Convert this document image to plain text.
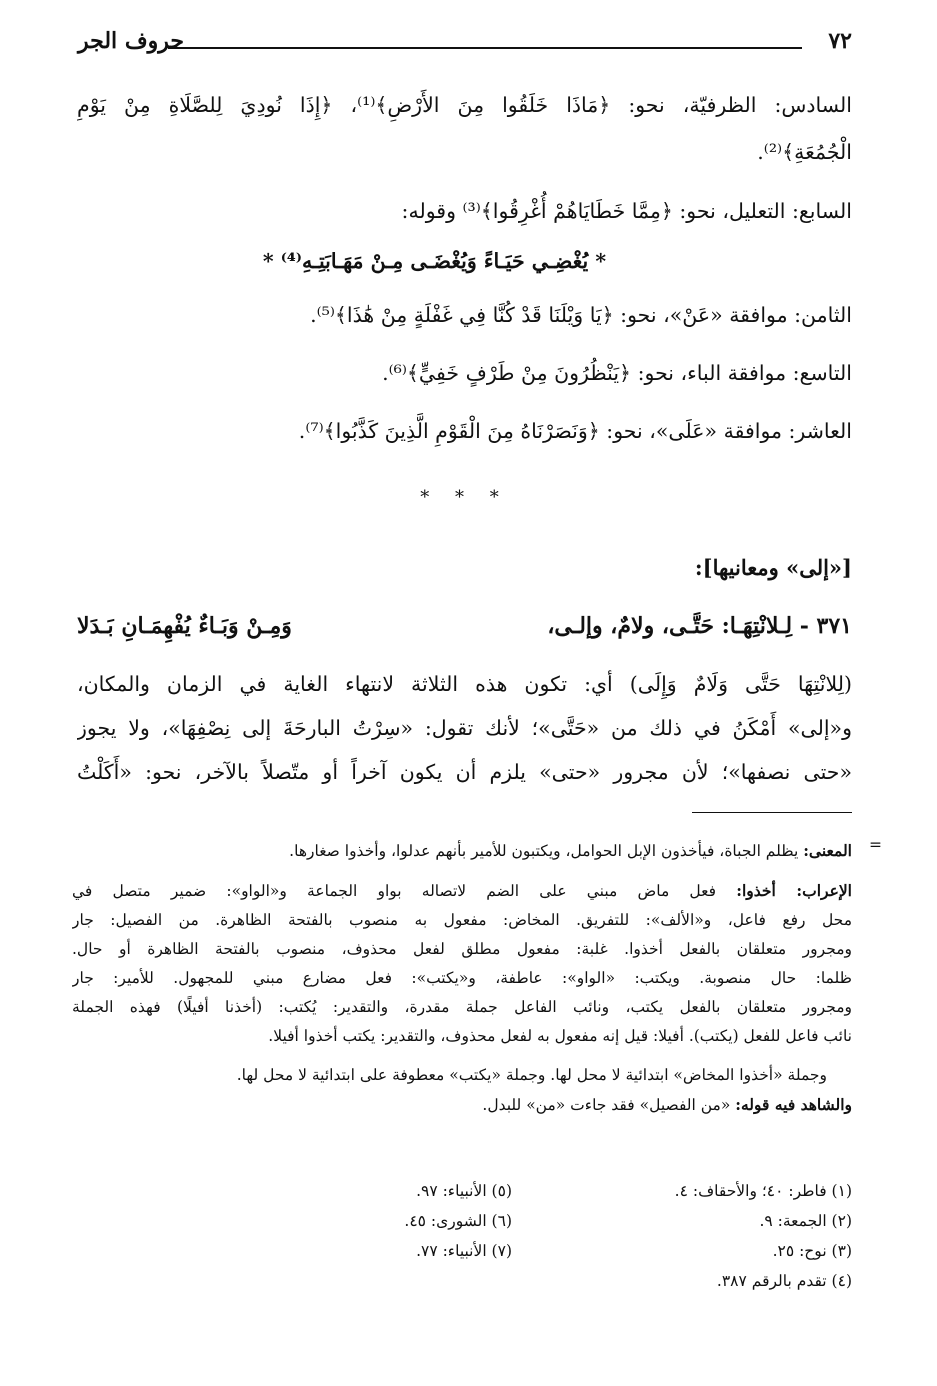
٧٢
حروف الجر
السادس: الظرفيّة، نحو: ﴿مَاذَا خَلَقُوا مِنَ الأَرْضِ﴾⁽¹⁾، ﴿إِذَا نُودِيَ لِلصَّلَاةِ مِنْ يَوْمِ
الْجُمُعَةِ﴾⁽²⁾.
السابع: التعليل، نحو: ﴿مِمَّا خَطَايَاهُمْ أُغْرِقُوا﴾⁽³⁾ وقوله:
* يُغْضِـي حَيَـاءً وَيُغْضَـى مِـنْ مَهَـابَتِـهِ⁽⁴⁾ *
الثامن: موافقة «عَنْ»، نحو: ﴿يَا وَيْلَنَا قَدْ كُنَّا فِي غَفْلَةٍ مِنْ هَٰذَا﴾⁽⁵⁾.
التاسع: موافقة الباء، نحو: ﴿يَنْظُرُونَ مِنْ طَرْفٍ خَفِيٍّ﴾⁽⁶⁾.
العاشر: موافقة «عَلَى»، نحو: ﴿وَنَصَرْنَاهُ مِنَ الْقَوْمِ الَّذِينَ كَذَّبُوا﴾⁽⁷⁾.
* * *
[«إلى» ومعانيها]:
٣٧١ - لِـلانْتِهَـا: حَتَّـى، ولامٌ، وإلـى،
وَمِـنْ وَبَـاءٌ يُفْهِمَـانِ بَـدَلا
(لِلانْتِهَا حَتَّى وَلَامٌ وَإِلَى) أي: تكون هذه الثلاثة لانتهاء الغاية في الزمان والمكان،
و«إلى» أَمْكَنُ في ذلك من «حَتَّى»؛ لأنك تقول: «سِرْتُ البارحَةَ إلى نِصْفِهَا»، ولا يجوز
«حتى نصفها»؛ لأن مجرور «حتى» يلزم أن يكون آخراً أو متّصلاً بالآخر، نحو: «أَكَلْتُ
=
المعنى: يظلم الجباة، فيأخذون الإبل الحوامل، ويكتبون للأمير بأنهم عدلوا، وأخذوا صغارها.
الإعراب: أخذوا: فعل ماض مبني على الضم لاتصاله بواو الجماعة و«الواو»: ضمير متصل في
محل رفع فاعل، و«الألف»: للتفريق. المخاض: مفعول به منصوب بالفتحة الظاهرة. من الفصيل: جار
ومجرور متعلقان بالفعل أخذوا. غلبة: مفعول مطلق لفعل محذوف، منصوب بالفتحة الظاهرة أو حال.
ظلما: حال منصوبة. ويكتب: «الواو»: عاطفة، و«يكتب»: فعل مضارع مبني للمجهول. للأمير: جار
ومجرور متعلقان بالفعل يكتب، ونائب الفاعل جملة مقدرة، والتقدير: يُكتب: (أخذنا أفيلًا) فهذه الجملة
نائب فاعل للفعل (يكتب). أفيلا: قيل إنه مفعول به لفعل محذوف، والتقدير: يكتب أخذوا أفيلا.
وجملة «أخذوا المخاض» ابتدائية لا محل لها. وجملة «يكتب» معطوفة على ابتدائية لا محل لها.
والشاهد فيه قوله: «من الفصيل» فقد جاءت «من» للبدل.
(١) فاطر: ٤٠؛ والأحقاف: ٤.
(٢) الجمعة: ٩.
(٣) نوح: ٢٥.
(٤) تقدم بالرقم ٣٨٧.
(٥) الأنبياء: ٩٧.
(٦) الشورى: ٤٥.
(٧) الأنبياء: ٧٧.
